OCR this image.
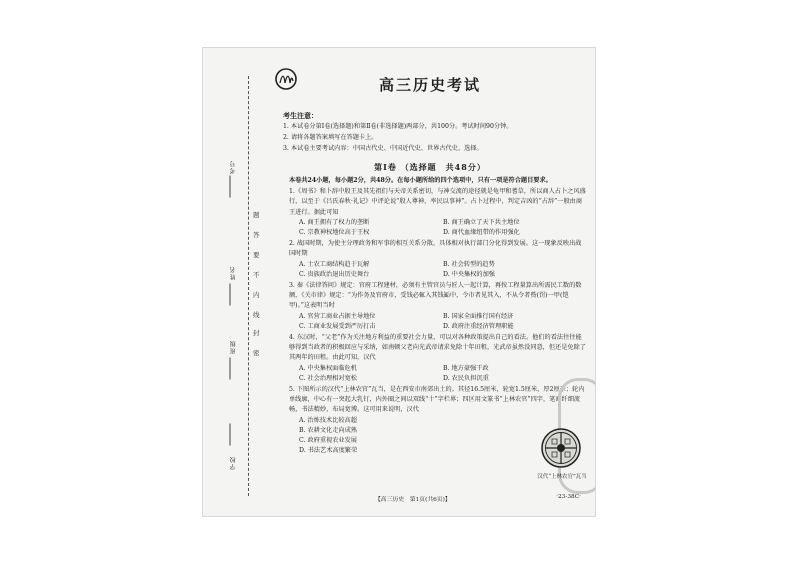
考号
姓名
班级
学校
密
封
线
内
不
要
答
题
高三历史考试
考生注意：
1. 本试卷分第Ⅰ卷(选择题)和第Ⅱ卷(非选择题)两部分，共100分。考试时间90分钟。
2. 请将各题答案填写在答题卡上。
3. 本试卷主要考试内容：中国古代史、中国近代史、世界古代史、选择。
第Ⅰ卷 （选择题　共48分）

本卷共24小题，每小题2分，共48分。在每小题所给的四个选项中，只有一项是符合题目要求。

1.《周书》和卜辞中殷王及其先祖们与天帝关系密切，与神交流的途径就是龟甲和蓍草，所以商人占卜之风盛行，以至于《吕氏春秋·礼记》中评论说“殷人尊神，率民以事神”。占卜过程中，判定吉凶的“占辞”一般由商王进行。据此可知

A. 商王拥有了权力的垄断	B. 商王确立了天下共主地位
C. 宗教神权地位高于王权	D. 商代血缘纽带的作用强化

2. 战国时期，为使主分理政务和军事的相互关系分散，具体相对执行部门分化得到发展。这一现象反映出战国时期

A. 士农工商结构趋于瓦解	B. 社会转型的趋势
C. 贵族政治退出历史舞台	D. 中央集权的加强

3. 秦《法律答问》规定：官府工程建材，必须有主管官员与匠人一起计算，再按工程量算出所需民工数的数额，《关市律》规定：“为作务及官府市，受钱必辄入其钱缿中，令市者见其入，不从令者赀(罚)一甲(铠甲)。”这表明当时

A. 官营工商业占据主导地位	B. 国家全面推行国有经济
C. 工商业发展受到严厉打击	D. 政府注重经济管理职能

4. 东汉时，“父老”作为关注地方利益的重要社会力量，可以对各种政策提出自己的看法。他们的看法往往能够得到当政者的积极回应与采纳，如南顿父老向光武帝请求免除十年田租，光武帝虽然没同意，但还是免除了其两年的田租。由此可知，汉代

A. 中央集权面临危机	B. 地方豪强干政
C. 社会治理相对宽松	D. 农民负担沉重

5. 下图所示的汉代“上林农官”瓦当，是在西安市南郊出土的。其径16.5厘米，轮宽1.5厘米，厚2厘米；轮内单线廓，中心有一突起大乳钉，内外圈之间以双线“十”字栏界；四区用文篆书“上林农官”四字，笔画纤细流畅，书法精妙，布局宽博。这可用来说明，汉代

A. 治炼技术比较高超
B. 农耕文化走向成熟
C. 政府重视农业发展
D. 书法艺术高度繁荣
汉代“上林农官”瓦当
【高三历史　第1页(共6页)】	·23-38C·
